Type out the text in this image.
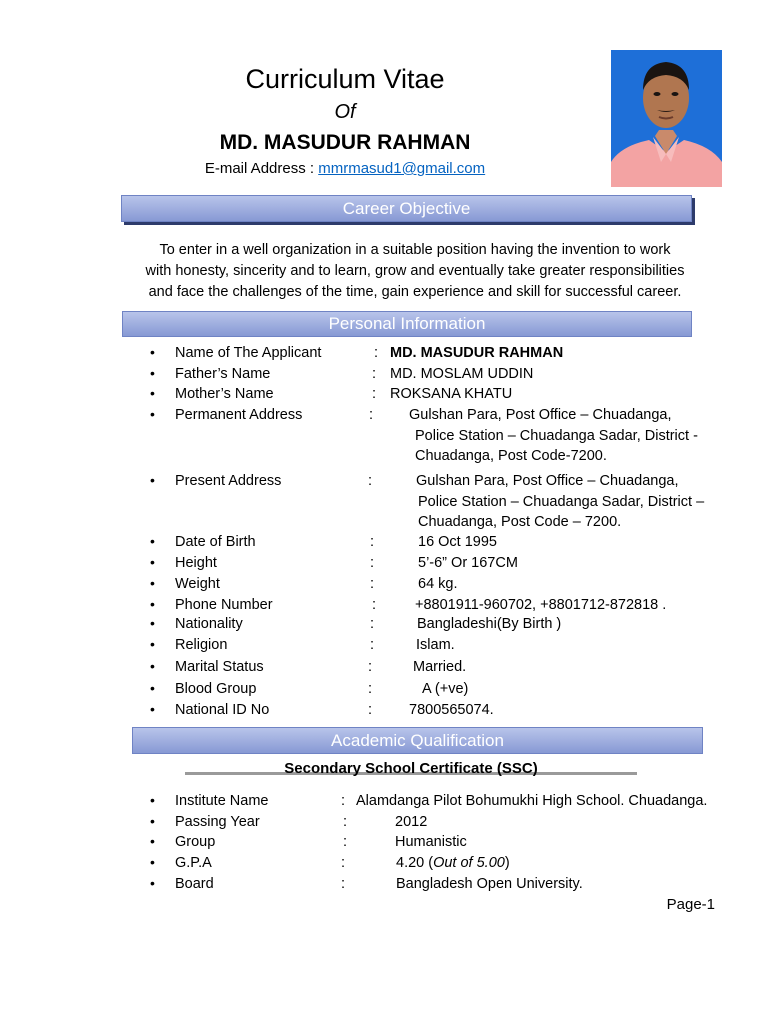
Curriculum Vitae
Of
MD. MASUDUR RAHMAN
E-mail Address : mmrmasud1@gmail.com
Career Objective
To enter in a well organization in a suitable position having the invention to work
with honesty, sincerity and to learn, grow and eventually take greater responsibilities
and face the challenges of the time, gain experience and skill for successful career.
Personal Information
• Name of The Applicant	: MD. MASUDUR RAHMAN
• Father’s Name	: MD. MOSLAM UDDIN
• Mother’s Name	: ROKSANA KHATU
• Permanent Address	: Gulshan Para, Post Office – Chuadanga,
Police Station – Chuadanga Sadar, District -
Chuadanga, Post Code-7200.
• Present Address	:	Gulshan Para, Post Office – Chuadanga,
Police Station – Chuadanga Sadar, District –
Chuadanga, Post Code – 7200.
• Date of Birth	:	16 Oct 1995
• Height	:	5’-6” Or 167CM
• Weight	:	64 kg.
• Phone Number	:	+8801911-960702, +8801712-872818 .
• Nationality	:	Bangladeshi(By Birth )
• Religion	:	Islam.
• Marital Status	:	Married.
• Blood Group	:	A (+ve)
• National ID No	:	7800565074.
Academic Qualification
Secondary School Certificate (SSC)
• Institute Name	: Alamdanga Pilot Bohumukhi High School. Chuadanga.
• Passing Year	:	2012
• Group	:	Humanistic
• G.P.A	:	4.20 (Out of 5.00)
• Board	:	Bangladesh Open University.
Page-1
